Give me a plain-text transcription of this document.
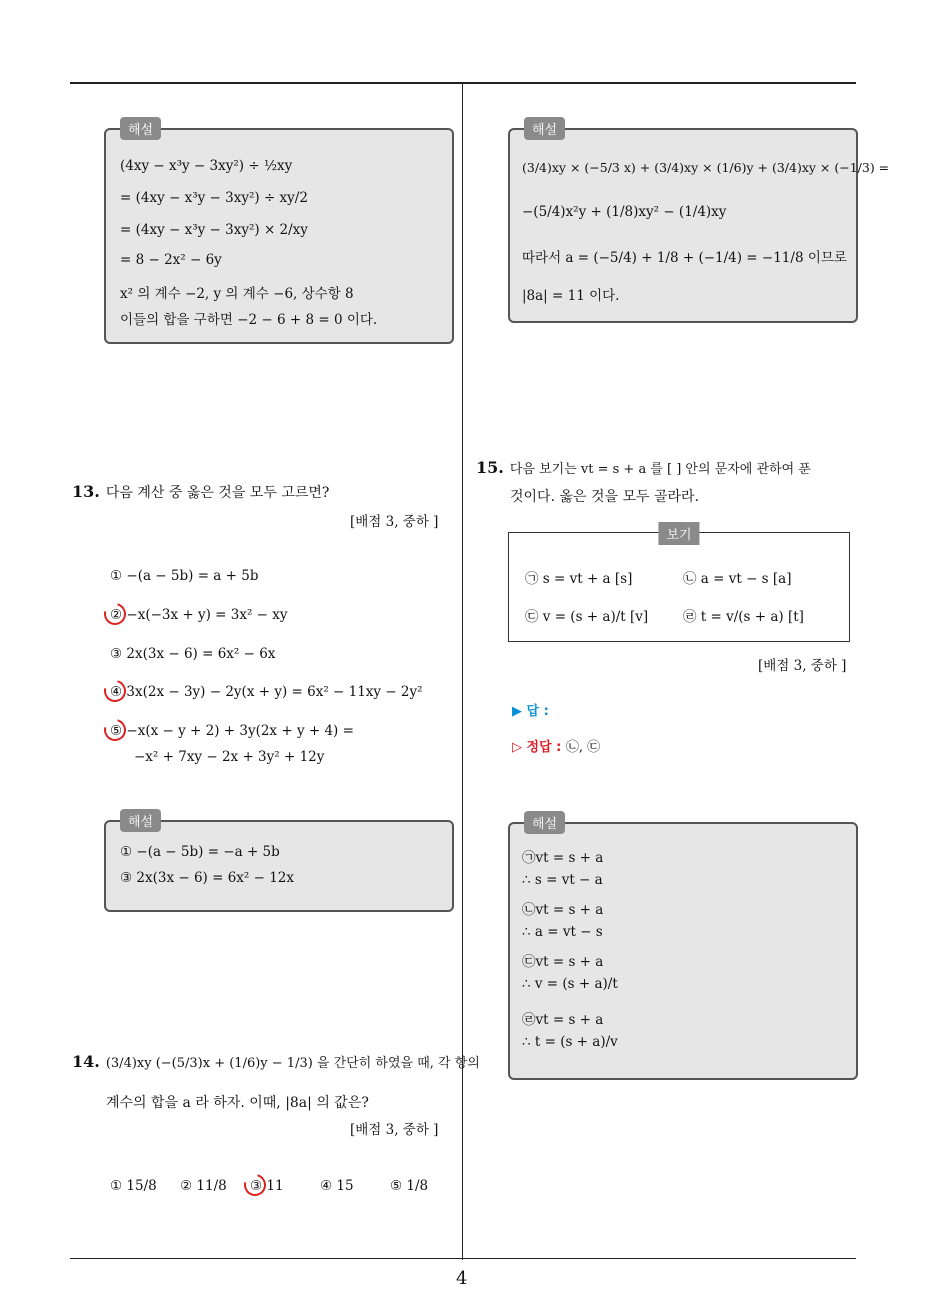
해설
(4xy − x³y − 3xy²) ÷ ½xy
= (4xy − x³y − 3xy²) ÷ xy/2
= (4xy − x³y − 3xy²) × 2/xy
= 8 − 2x² − 6y
x² 의 계수 −2, y 의 계수 −6, 상수항 8
이들의 합을 구하면 −2 − 6 + 8 = 0 이다.
해설
(3/4)xy × (−5/3 x) + (3/4)xy × (1/6)y + (3/4)xy × (−1/3) =
−(5/4)x²y + (1/8)xy² − (1/4)xy
따라서 a = (−5/4) + 1/8 + (−1/4) = −11/8 이므로
|8a| = 11 이다.
13. 다음 계산 중 옳은 것을 모두 고르면?
[배점 3, 중하 ]
① −(a − 5b) = a + 5b
② −x(−3x + y) = 3x² − xy
③ 2x(3x − 6) = 6x² − 6x
④ 3x(2x − 3y) − 2y(x + y) = 6x² − 11xy − 2y²
⑤ −x(x − y + 2) + 3y(2x + y + 4) =
−x² + 7xy − 2x + 3y² + 12y
해설
① −(a − 5b) = −a + 5b
③ 2x(3x − 6) = 6x² − 12x
14. (3/4)xy (−(5/3)x + (1/6)y − 1/3) 을 간단히 하였을 때, 각 항의
계수의 합을 a 라 하자. 이때, |8a| 의 값은?
[배점 3, 중하 ]
① 15/8 ② 11/8 ③ 11	④ 15	⑤ 1/8
15. 다음 보기는 vt = s + a 를 [ ] 안의 문자에 관하여 푼
것이다. 옳은 것을 모두 골라라.
보기
㉠ s = vt + a [s]	㉡ a = vt − s [a]
㉢ v = (s + a)/t [v]	㉣ t = v/(s + a) [t]
[배점 3, 중하 ]
▶ 답 :
▷ 정답 : ㉡, ㉢
해설
㉠vt = s + a
∴ s = vt − a
㉡vt = s + a
∴ a = vt − s
㉢vt = s + a
∴ v = (s + a)/t
㉣vt = s + a
∴ t = (s + a)/v
4
